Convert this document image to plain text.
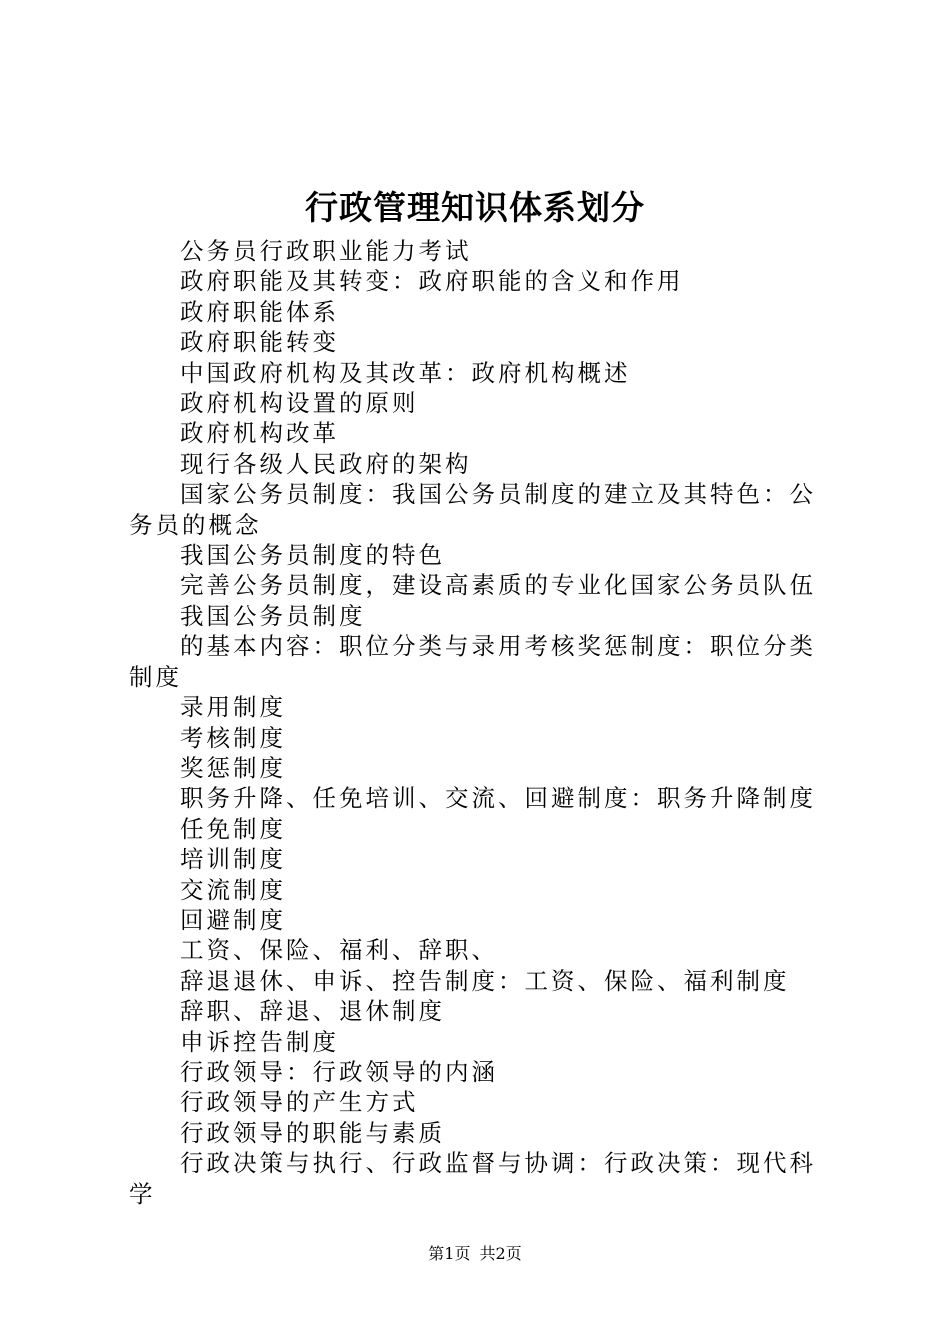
行政管理知识体系划分

公务员行政职业能力考试

政府职能及其转变：政府职能的含义和作用

政府职能体系

政府职能转变

中国政府机构及其改革：政府机构概述

政府机构设置的原则

政府机构改革

现行各级人民政府的架构

国家公务员制度：我国公务员制度的建立及其特色：公务员的概念

我国公务员制度的特色

完善公务员制度，建设高素质的专业化国家公务员队伍

我国公务员制度

的基本内容：职位分类与录用考核奖惩制度：职位分类制度

录用制度

考核制度

奖惩制度

职务升降、任免培训、交流、回避制度：职务升降制度

任免制度

培训制度

交流制度

回避制度

工资、保险、福利、辞职、

辞退退休、申诉、控告制度：工资、保险、福利制度

辞职、辞退、退休制度

申诉控告制度

行政领导：行政领导的内涵

行政领导的产生方式

行政领导的职能与素质

行政决策与执行、行政监督与协调：行政决策：现代科学

第1页 共2页
